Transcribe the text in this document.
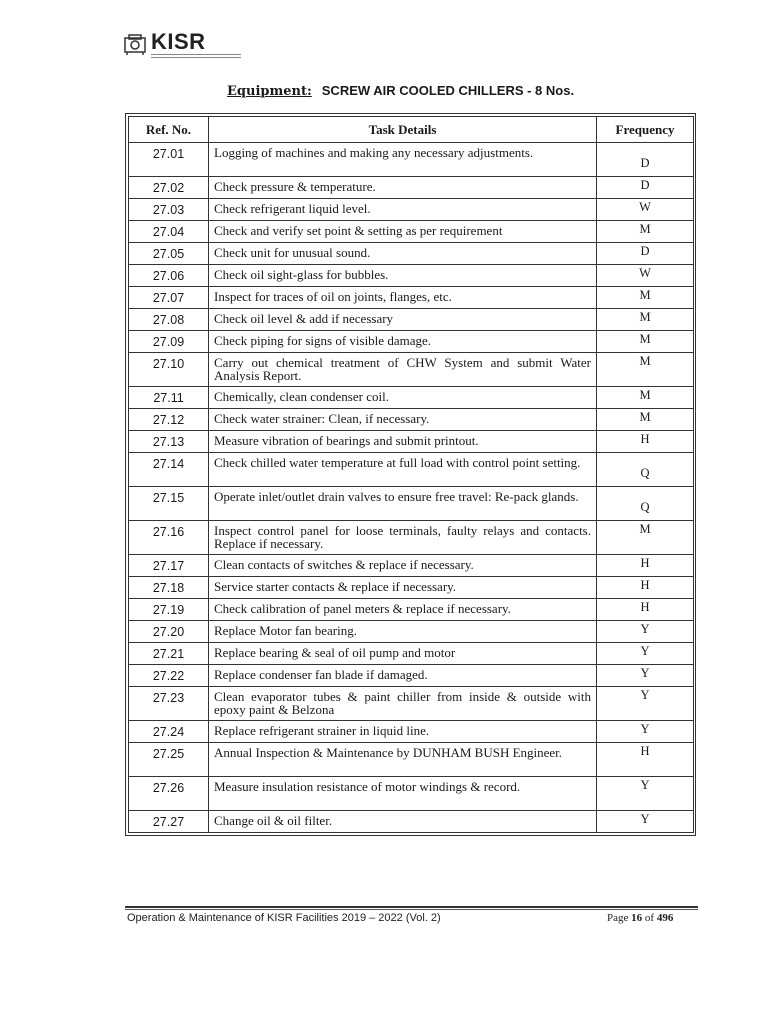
KISR
Equipment: SCREW AIR COOLED CHILLERS - 8 Nos.
Ref. No.	Task Details	Frequency
27.01	Logging of machines and making any necessary adjustments.	D
27.02	Check pressure & temperature.	D
27.03	Check refrigerant liquid level.	W
27.04	Check and verify set point & setting as per requirement	M
27.05	Check unit for unusual sound.	D
27.06	Check oil sight-glass for bubbles.	W
27.07	Inspect for traces of oil on joints, flanges, etc.	M
27.08	Check oil level & add if necessary	M
27.09	Check piping for signs of visible damage.	M
27.10	Carry out chemical treatment of CHW System and submit Water Analysis Report.	M
27.11	Chemically, clean condenser coil.	M
27.12	Check water strainer: Clean, if necessary.	M
27.13	Measure vibration of bearings and submit printout.	H
27.14	Check chilled water temperature at full load with control point setting.	Q
27.15	Operate inlet/outlet drain valves to ensure free travel: Re-pack glands.	Q
27.16	Inspect control panel for loose terminals, faulty relays and contacts. Replace if necessary.	M
27.17	Clean contacts of switches & replace if necessary.	H
27.18	Service starter contacts & replace if necessary.	H
27.19	Check calibration of panel meters & replace if necessary.	H
27.20	Replace Motor fan bearing.	Y
27.21	Replace bearing & seal of oil pump and motor	Y
27.22	Replace condenser fan blade if damaged.	Y
27.23	Clean evaporator tubes & paint chiller from inside & outside with epoxy paint & Belzona	Y
27.24	Replace refrigerant strainer in liquid line.	Y
27.25	Annual Inspection & Maintenance by DUNHAM BUSH Engineer.	H
27.26	Measure insulation resistance of motor windings & record.	Y
27.27	Change oil & oil filter.	Y
Operation & Maintenance of KISR Facilities 2019 – 2022 (Vol. 2)	Page 16 of 496
